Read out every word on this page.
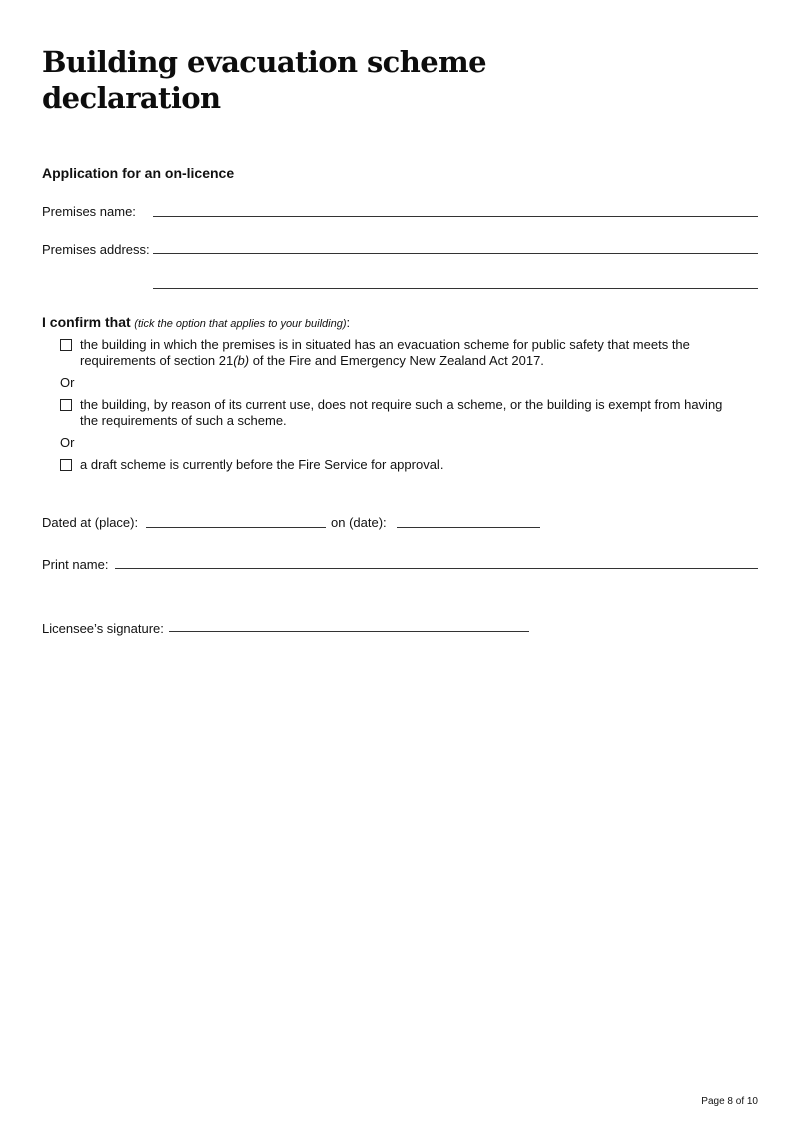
Building evacuation scheme
declaration
Application for an on-licence
Premises name:
Premises address:
I confirm that (tick the option that applies to your building):
the building in which the premises is in situated has an evacuation scheme for public safety that meets the requirements of section 21(b) of the Fire and Emergency New Zealand Act 2017.
Or
the building, by reason of its current use, does not require such a scheme, or the building is exempt from having the requirements of such a scheme.
Or
a draft scheme is currently before the Fire Service for approval.
Dated at (place):	on (date):
Print name:
Licensee’s signature:
Page 8 of 10
